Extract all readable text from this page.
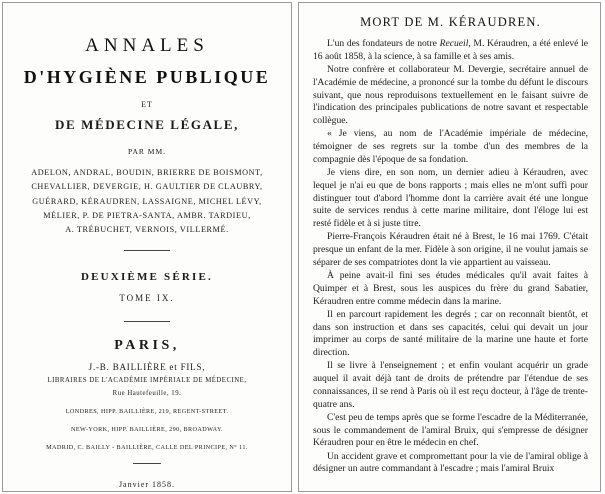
ANNALES
D'HYGIÈNE PUBLIQUE
ET
DE MÉDECINE LÉGALE,
PAR MM.
ADELON, ANDRAL, BOUDIN, BRIERRE DE BOISMONT,
CHEVALLIER, DEVERGIE, H. GAULTIER DE CLAUBRY,
GUÉRARD, KÉRAUDREN, LASSAIGNE, MICHEL LÉVY,
MÉLIER, P. DE PIETRA-SANTA, AMBR. TARDIEU,
A. TRÉBUCHET, VERNOIS, VILLERMÉ.
DEUXIÈME SÉRIE.
TOME IX.
PARIS,
J.-B. BAILLIÈRE et FILS,
LIBRAIRES DE L'ACADÉMIE IMPÉRIALE DE MÉDECINE,
Rue Hautefeuille, 19.
LONDRES, HIPP. BAILLIÈRE, 219, REGENT-STREET.
NEW-YORK, HIPP. BAILLIÈRE, 290, BROADWAY.
MADRID, C. BAILLY - BAILLIÈRE, CALLE DEL PRINCIPE, N° 11.
Janvier 1858.
MORT DE M. KÉRAUDREN.

L'un des fondateurs de notre Recueil, M. Kéraudren, a été enlevé le 16 août 1858, à la science, à sa famille et à ses amis.

Notre confrère et collaborateur M. Devergie, secrétaire annuel de l'Académie de médecine, a prononcé sur la tombe du défunt le discours suivant, que nous reproduisons textuellement en le faisant suivre de l'indication des principales publications de notre savant et respectable collègue.

« Je viens, au nom de l'Académie impériale de médecine, témoigner de ses regrets sur la tombe d'un des membres de la compagnie dès l'époque de sa fondation.

Je viens dire, en son nom, un dernier adieu à Kéraudren, avec lequel je n'ai eu que de bons rapports ; mais elles ne m'ont suffi pour distinguer tout d'abord l'homme dont la carrière avait été une longue suite de services rendus à cette marine militaire, dont l'éloge lui est resté fidèle et à si juste titre.

Pierre-François Kéraudren était né à Brest, le 16 mai 1769. C'était presque un enfant de la mer. Fidèle à son origine, il ne voulut jamais se séparer de ses compatriotes dont la vie appartient au vaisseau.

À peine avait-il fini ses études médicales qu'il avait faites à Quimper et à Brest, sous les auspices du frère du grand Sabatier, Kéraudren entre comme médecin dans la marine.

Il en parcourt rapidement les degrés ; car on reconnaît bientôt, et dans son instruction et dans ses capacités, celui qui devait un jour imprimer au corps de santé militaire de la marine une haute et forte direction.

Il se livre à l'enseignement ; et enfin voulant acquérir un grade auquel il avait déjà tant de droits de prétendre par l'étendue de ses connaissances, il se rend à Paris où il est reçu docteur, à l'âge de trente-quatre ans.

C'est peu de temps après que se forme l'escadre de la Méditerranée, sous le commandement de l'amiral Bruix, qui s'empresse de désigner Kéraudren pour en être le médecin en chef.

Un accident grave et compromettant pour la vie de l'amiral oblige à désigner un autre commandant à l'escadre ; mais l'amiral Bruix
